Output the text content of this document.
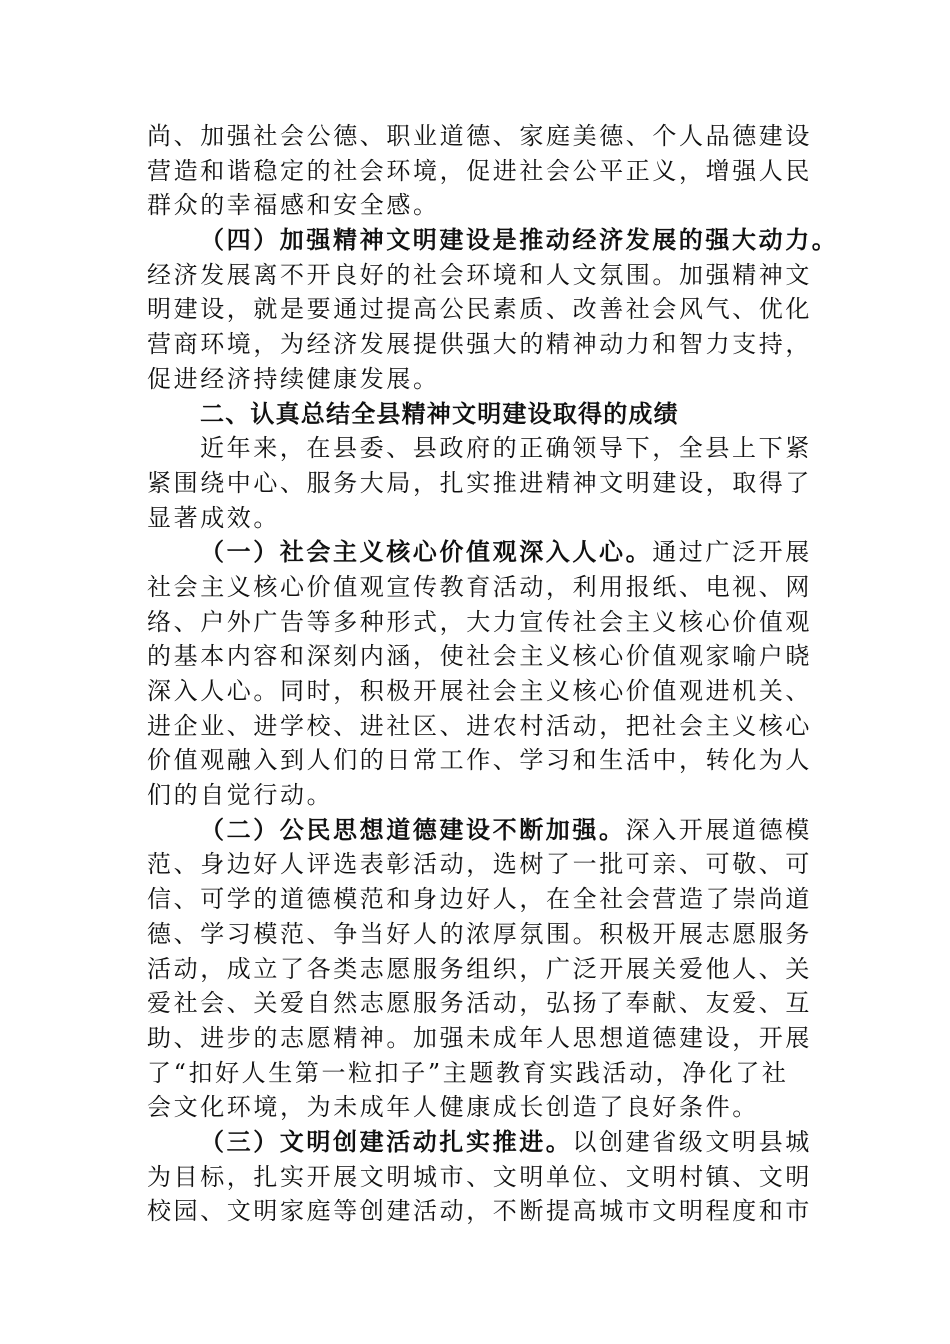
尚、加强社会公德、职业道德、家庭美德、个人品德建设
营造和谐稳定的社会环境，促进社会公平正义，增强人民
群众的幸福感和安全感。
（四）加强精神文明建设是推动经济发展的强大动力。
经济发展离不开良好的社会环境和人文氛围。加强精神文
明建设，就是要通过提高公民素质、改善社会风气、优化
营商环境，为经济发展提供强大的精神动力和智力支持，
促进经济持续健康发展。
二、认真总结全县精神文明建设取得的成绩
近年来，在县委、县政府的正确领导下，全县上下紧
紧围绕中心、服务大局，扎实推进精神文明建设，取得了
显著成效。
（一）社会主义核心价值观深入人心。通过广泛开展
社会主义核心价值观宣传教育活动，利用报纸、电视、网
络、户外广告等多种形式，大力宣传社会主义核心价值观
的基本内容和深刻内涵，使社会主义核心价值观家喻户晓
深入人心。同时，积极开展社会主义核心价值观进机关、
进企业、进学校、进社区、进农村活动，把社会主义核心
价值观融入到人们的日常工作、学习和生活中，转化为人
们的自觉行动。
（二）公民思想道德建设不断加强。深入开展道德模
范、身边好人评选表彰活动，选树了一批可亲、可敬、可
信、可学的道德模范和身边好人，在全社会营造了崇尚道
德、学习模范、争当好人的浓厚氛围。积极开展志愿服务
活动，成立了各类志愿服务组织，广泛开展关爱他人、关
爱社会、关爱自然志愿服务活动，弘扬了奉献、友爱、互
助、进步的志愿精神。加强未成年人思想道德建设，开展
了“扣好人生第一粒扣子”主题教育实践活动，净化了社
会文化环境，为未成年人健康成长创造了良好条件。
（三）文明创建活动扎实推进。以创建省级文明县城
为目标，扎实开展文明城市、文明单位、文明村镇、文明
校园、文明家庭等创建活动，不断提高城市文明程度和市
